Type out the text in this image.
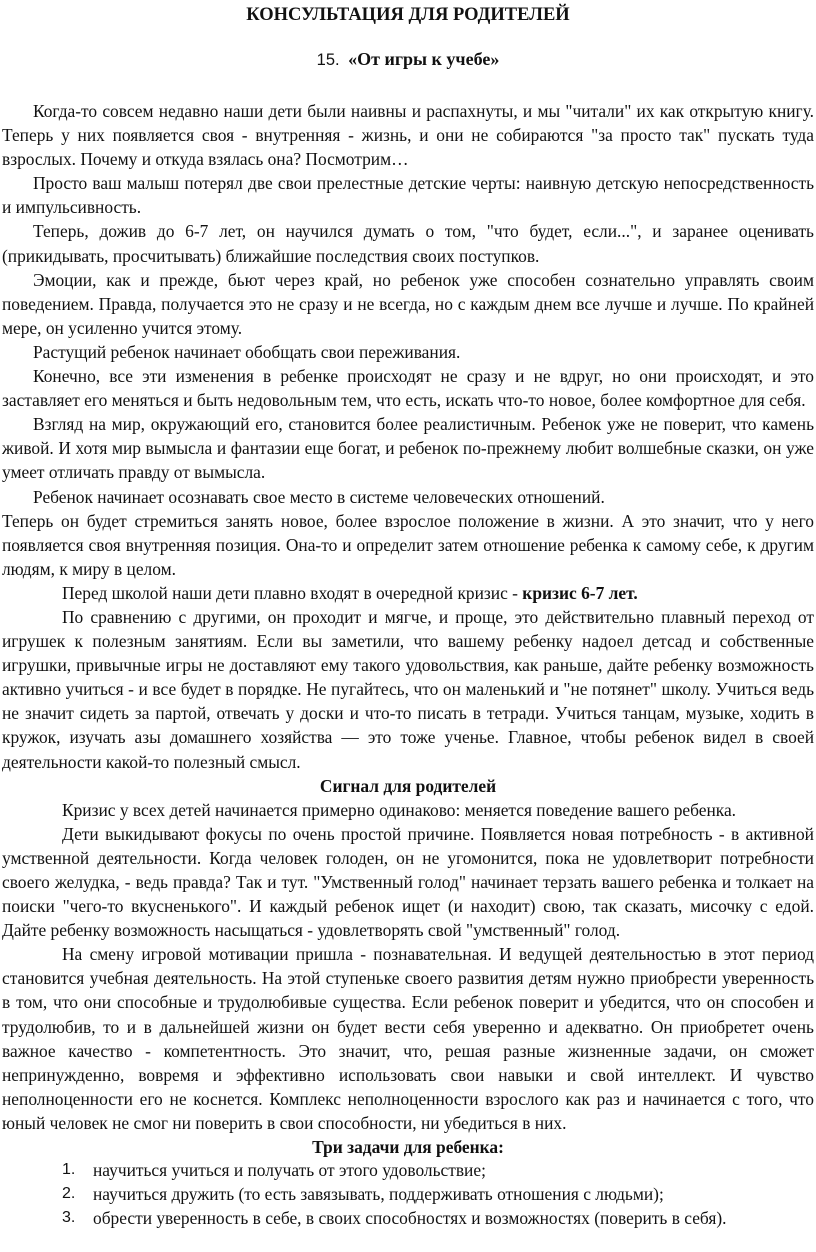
КОНСУЛЬТАЦИЯ ДЛЯ РОДИТЕЛЕЙ
15. «От игры к учебе»

Когда-то совсем недавно наши дети были наивны и распахнуты, и мы "читали" их как открытую книгу. Теперь у них появляется своя - внутренняя - жизнь, и они не собираются "за просто так" пускать туда взрослых. Почему и откуда взялась она? Посмотрим…

Просто ваш малыш потерял две свои прелестные детские черты: наивную детскую непосредственность и импульсивность.

Теперь, дожив до 6-7 лет, он научился думать о том, "что будет, если...", и заранее оценивать (прикидывать, просчитывать) ближайшие последствия своих поступков.

Эмоции, как и прежде, бьют через край, но ребенок уже способен сознательно управлять своим поведением. Правда, получается это не сразу и не всегда, но с каждым днем все лучше и лучше. По крайней мере, он усиленно учится этому.

Растущий ребенок начинает обобщать свои переживания.

Конечно, все эти изменения в ребенке происходят не сразу и не вдруг, но они происходят, и это заставляет его меняться и быть недовольным тем, что есть, искать что-то новое, более комфортное для себя.

Взгляд на мир, окружающий его, становится более реалистичным. Ребенок уже не поверит, что камень живой. И хотя мир вымысла и фантазии еще богат, и ребенок по-прежнему любит волшебные сказки, он уже умеет отличать правду от вымысла.

Ребенок начинает осознавать свое место в системе человеческих отношений.

Теперь он будет стремиться занять новое, более взрослое положение в жизни. А это значит, что у него появляется своя внутренняя позиция. Она-то и определит затем отношение ребенка к самому себе, к другим людям, к миру в целом.

Перед школой наши дети плавно входят в очередной кризис - кризис 6-7 лет.

По сравнению с другими, он проходит и мягче, и проще, это действительно плавный переход от игрушек к полезным занятиям. Если вы заметили, что вашему ребенку надоел детсад и собственные игрушки, привычные игры не доставляют ему такого удовольствия, как раньше, дайте ребенку возможность активно учиться - и все будет в порядке. Не пугайтесь, что он маленький и "не потянет" школу. Учиться ведь не значит сидеть за партой, отвечать у доски и что-то писать в тетради. Учиться танцам, музыке, ходить в кружок, изучать азы домашнего хозяйства — это тоже ученье. Главное, чтобы ребенок видел в своей деятельности какой-то полезный смысл.

Сигнал для родителей

Кризис у всех детей начинается примерно одинаково: меняется поведение вашего ребенка.

Дети выкидывают фокусы по очень простой причине. Появляется новая потребность - в активной умственной деятельности. Когда человек голоден, он не угомонится, пока не удовлетворит потребности своего желудка, - ведь правда? Так и тут. "Умственный голод" начинает терзать вашего ребенка и толкает на поиски "чего-то вкусненького". И каждый ребенок ищет (и находит) свою, так сказать, мисочку с едой. Дайте ребенку возможность насыщаться - удовлетворять свой "умственный" голод.

На смену игровой мотивации пришла - познавательная. И ведущей деятельностью в этот период становится учебная деятельность. На этой ступеньке своего развития детям нужно приобрести уверенность в том, что они способные и трудолюбивые существа. Если ребенок поверит и убедится, что он способен и трудолюбив, то и в дальнейшей жизни он будет вести себя уверенно и адекватно. Он приобретет очень важное качество - компетентность. Это значит, что, решая разные жизненные задачи, он сможет непринужденно, вовремя и эффективно использовать свои навыки и свой интеллект. И чувство неполноценности его не коснется. Комплекс неполноценности взрослого как раз и начинается с того, что юный человек не смог ни поверить в свои способности, ни убедиться в них.

Три задачи для ребенка:

1. научиться учиться и получать от этого удовольствие;
2. научиться дружить (то есть завязывать, поддерживать отношения с людьми);
3. обрести уверенность в себе, в своих способностях и возможностях (поверить в себя).
